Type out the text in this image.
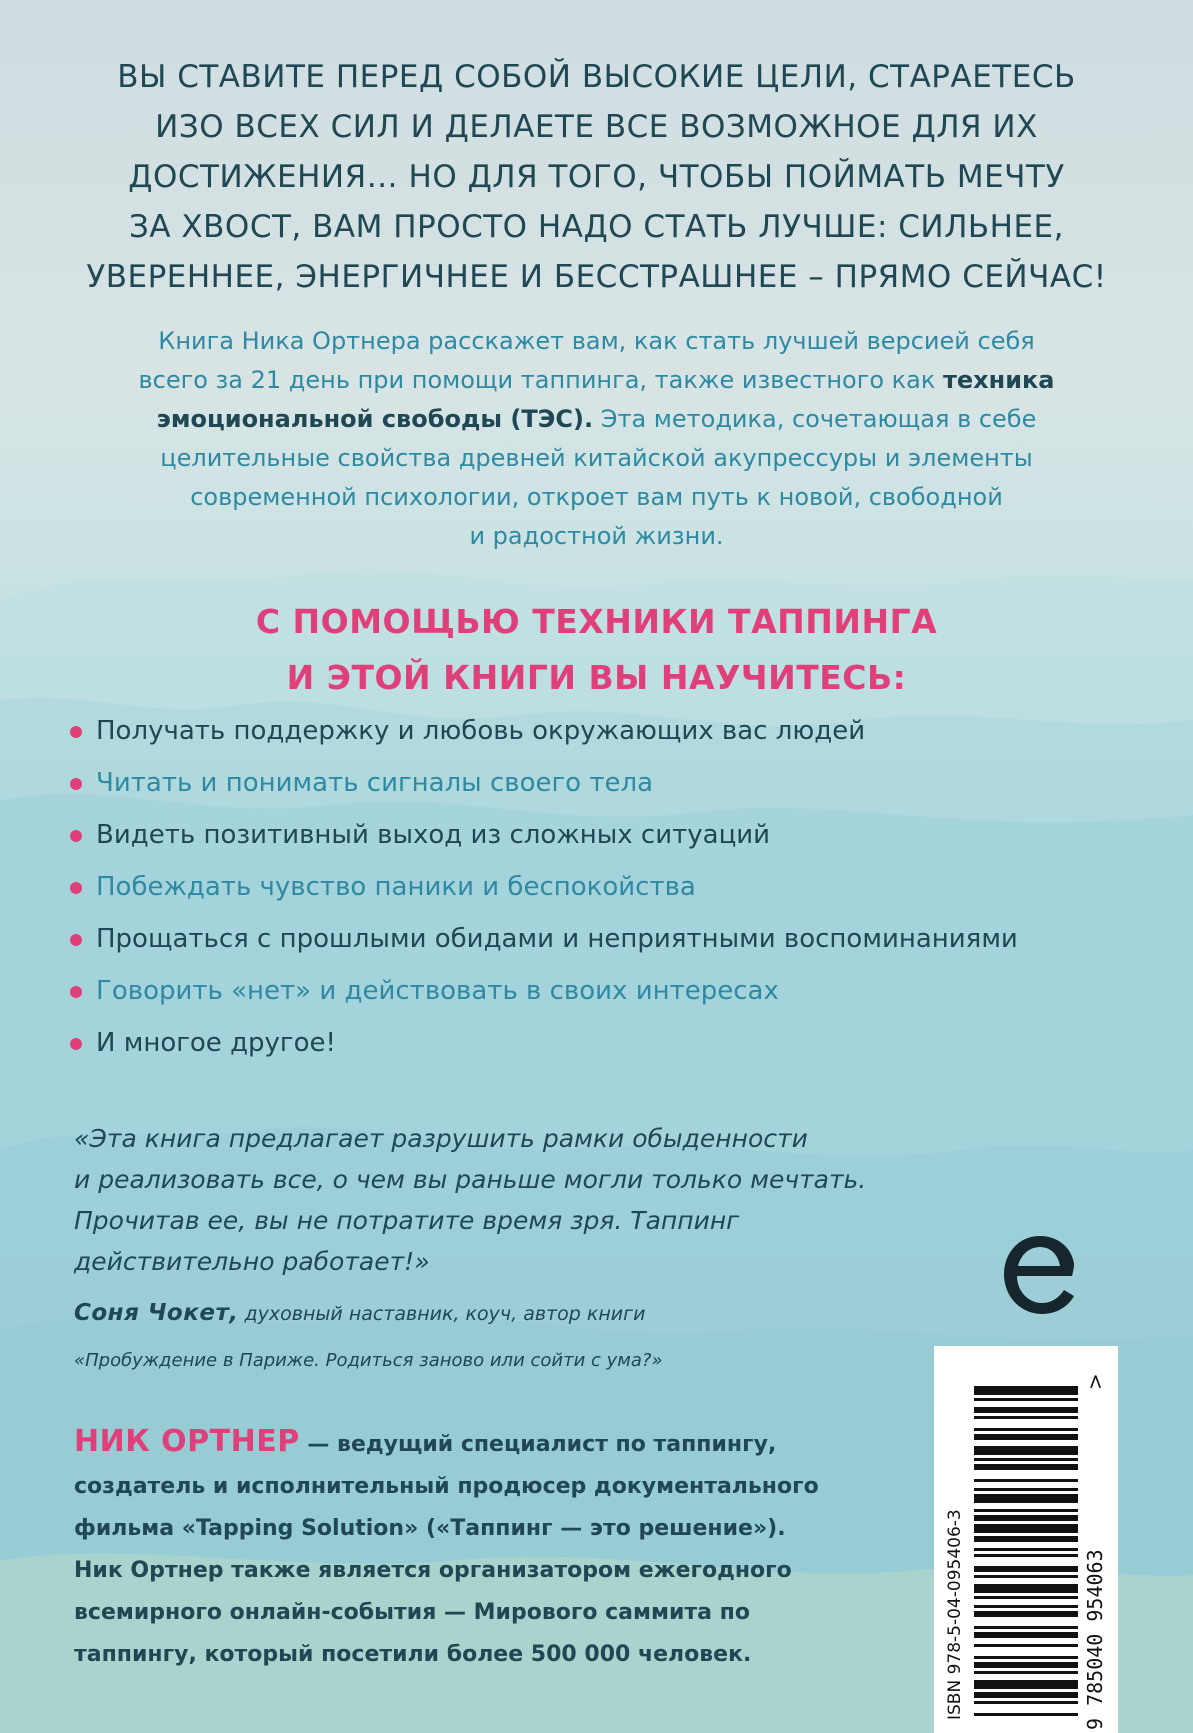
ВЫ СТАВИТЕ ПЕРЕД СОБОЙ ВЫСОКИЕ ЦЕЛИ, СТАРАЕТЕСЬ
ИЗО ВСЕХ СИЛ И ДЕЛАЕТЕ ВСЕ ВОЗМОЖНОЕ ДЛЯ ИХ
ДОСТИЖЕНИЯ… НО ДЛЯ ТОГО, ЧТОБЫ ПОЙМАТЬ МЕЧТУ
ЗА ХВОСТ, ВАМ ПРОСТО НАДО СТАТЬ ЛУЧШЕ: СИЛЬНЕЕ,
УВЕРЕННЕЕ, ЭНЕРГИЧНЕЕ И БЕССТРАШНЕЕ – ПРЯМО СЕЙЧАС!
Книга Ника Ортнера расскажет вам, как стать лучшей версией себя
всего за 21 день при помощи таппинга, также известного как техника
эмоциональной свободы (ТЭС). Эта методика, сочетающая в себе
целительные свойства древней китайской акупрессуры и элементы
современной психологии, откроет вам путь к новой, свободной
и радостной жизни.
С ПОМОЩЬЮ ТЕХНИКИ ТАППИНГА
И ЭТОЙ КНИГИ ВЫ НАУЧИТЕСЬ:
Получать поддержку и любовь окружающих вас людей
Читать и понимать сигналы своего тела
Видеть позитивный выход из сложных ситуаций
Побеждать чувство паники и беспокойства
Прощаться с прошлыми обидами и неприятными воспоминаниями
Говорить «нет» и действовать в своих интересах
И многое другое!
«Эта книга предлагает разрушить рамки обыденности
и реализовать все, о чем вы раньше могли только мечтать.
Прочитав ее, вы не потратите время зря. Таппинг
действительно работает!»
Соня Чокет, духовный наставник, коуч, автор книги
«Пробуждение в Париже. Родиться заново или сойти с ума?»
НИК ОРТНЕР — ведущий специалист по таппингу,
создатель и исполнительный продюсер документального
фильма «Tapping Solution» («Таппинг — это решение»).
Ник Ортнер также является организатором ежегодного
всемирного онлайн-события — Мирового саммита по
таппингу, который посетили более 500 000 человек.	ISBN 978-5-04-095406-3	9 785040 954063
>
